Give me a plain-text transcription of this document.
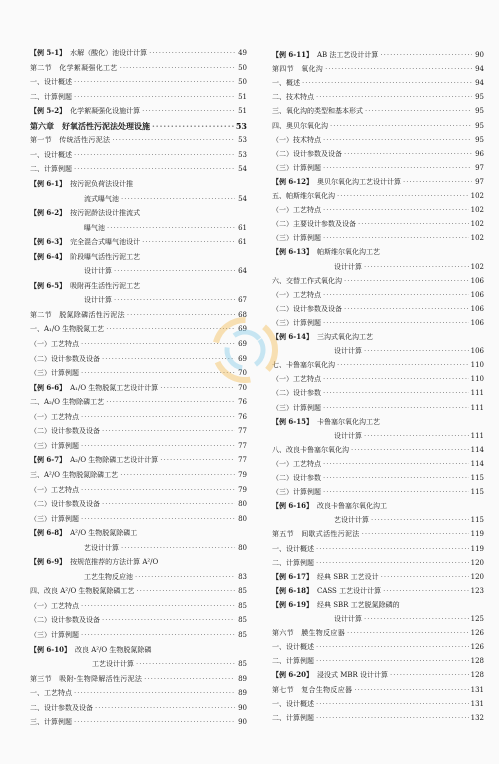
【例 5-1】 水解（酸化）池设计计算 ·····	49
第二节　化学絮凝强化工艺 ·····	50
一、设计概述 ·····	50
二、计算例题 ·····	51
【例 5-2】 化学絮凝强化设施计算 ·····	51
第六章　好氧活性污泥法处理设施 ·····	53
第一节　传统活性污泥法 ·····	53
一、设计概述 ·····	53
二、计算例题 ·····	54
【例 6-1】 按污泥负荷法设计推
流式曝气池 ·····	54
【例 6-2】 按污泥龄法设计推流式
曝气池 ·····	61
【例 6-3】 完全混合式曝气池设计 ·····	61
【例 6-4】 阶段曝气活性污泥工艺
设计计算 ·····	64
【例 6-5】 吸附再生活性污泥工艺
设计计算 ·····	67
第二节　脱氮除磷活性污泥法 ·····	68
一、A₁/O 生物脱氮工艺 ·····	69
（一）工艺特点 ·····	69
（二）设计参数及设备 ·····	69
（三）计算例题 ·····	70
【例 6-6】 A₁/O 生物脱氮工艺设计计算 ·····	70
二、A₂/O 生物除磷工艺 ·····	76
（一）工艺特点 ·····	76
（二）设计参数及设备 ·····	77
（三）计算例题 ·····	77
【例 6-7】 A₂/O 生物除磷工艺设计计算 ·····	77
三、A²/O 生物脱氮除磷工艺 ·····	79
（一）工艺特点 ·····	79
（二）设计参数及设备 ·····	80
（三）计算例题 ·····	80
【例 6-8】 A²/O 生物脱氮除磷工
艺设计计算 ·····	80
【例 6-9】 按规范推荐的方法计算 A²/O
工艺生物反应池 ·····	83
四、改良 A²/O 生物脱氮除磷工艺 ·····	85
（一）工艺特点 ·····	85
（二）设计参数及设备 ·····	85
（三）计算例题 ·····	85
【例 6-10】 改良 A²/O 生物脱氮除磷
工艺设计计算 ·····	85
第三节　吸附-生物降解活性污泥法 ·····	89
一、工艺特点 ·····	89
二、设计参数及设备 ·····	90
三、计算例题 ·····	90
【例 6-11】 AB 法工艺设计计算 ·····	90
第四节　氧化沟 ·····	94
一、概述 ·····	94
二、技术特点 ·····	95
三、氧化沟的类型和基本形式 ·····	95
四、奥贝尔氧化沟 ·····	95
（一）技术特点 ·····	95
（二）设计参数及设备 ·····	96
（三）计算例题 ·····	97
【例 6-12】 奥贝尔氧化沟工艺设计计算 ·····	97
五、帕斯维尔氧化沟 ·····	102
（一）工艺特点 ·····	102
（二）主要设计参数及设备 ·····	102
（三）计算例题 ·····	102
【例 6-13】 帕斯维尔氧化沟工艺
设计计算 ·····	102
六、交替工作式氧化沟 ·····	106
（一）工艺特点 ·····	106
（二）设计参数及设备 ·····	106
（三）计算例题 ·····	106
【例 6-14】 三沟式氧化沟工艺
设计计算 ·····	106
七、卡鲁塞尔氧化沟 ·····	110
（一）工艺特点 ·····	110
（二）设计参数 ·····	111
（三）计算例题 ·····	111
【例 6-15】 卡鲁塞尔氧化沟工艺
设计计算 ·····	111
八、改良卡鲁塞尔氧化沟 ·····	114
（一）工艺特点 ·····	114
（二）设计参数 ·····	115
（三）计算例题 ·····	115
【例 6-16】 改良卡鲁塞尔氧化沟工
艺设计计算 ·····	115
第五节　间歇式活性污泥法 ·····	119
一、设计概述 ·····	119
二、计算例题 ·····	120
【例 6-17】 经典 SBR 工艺设计 ·····	120
【例 6-18】 CASS 工艺设计计算 ·····	123
【例 6-19】 经典 SBR 工艺脱氮除磷的
设计计算 ·····	125
第六节　膜生物反应器 ·····	126
一、设计概述 ·····	126
二、计算例题 ·····	128
【例 6-20】 浸没式 MBR 设计计算 ·····	128
第七节　复合生物反应器 ·····	131
一、设计概述 ·····	131
二、计算例题 ·····	132
